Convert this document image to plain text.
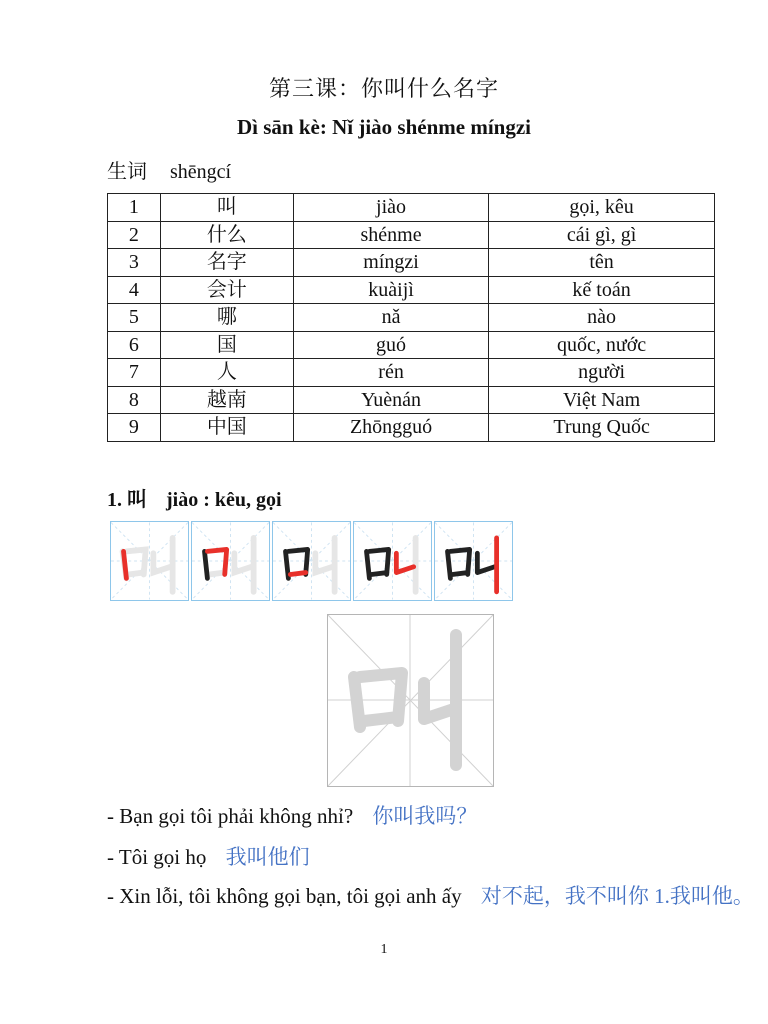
第三课：你叫什么名字
Dì sān kè: Nǐ jiào shénme míngzi
生词 shēngcí
1	叫	jiào	gọi, kêu
2	什么	shénme	cái gì, gì
3	名字	míngzi	tên
4	会计	kuàijì	kế toán
5	哪	nǎ	nào
6	国	guó	quốc, nước
7	人	rén	người
8	越南	Yuènán	Việt Nam
9	中国	Zhōngguó	Trung Quốc
1. 叫 jiào : kêu, gọi
- Bạn gọi tôi phải không nhỉ? 你叫我吗？
- Tôi gọi họ 我叫他们
- Xin lỗi, tôi không gọi bạn, tôi gọi anh ấy 对不起，我不叫你 1.我叫他。
1
